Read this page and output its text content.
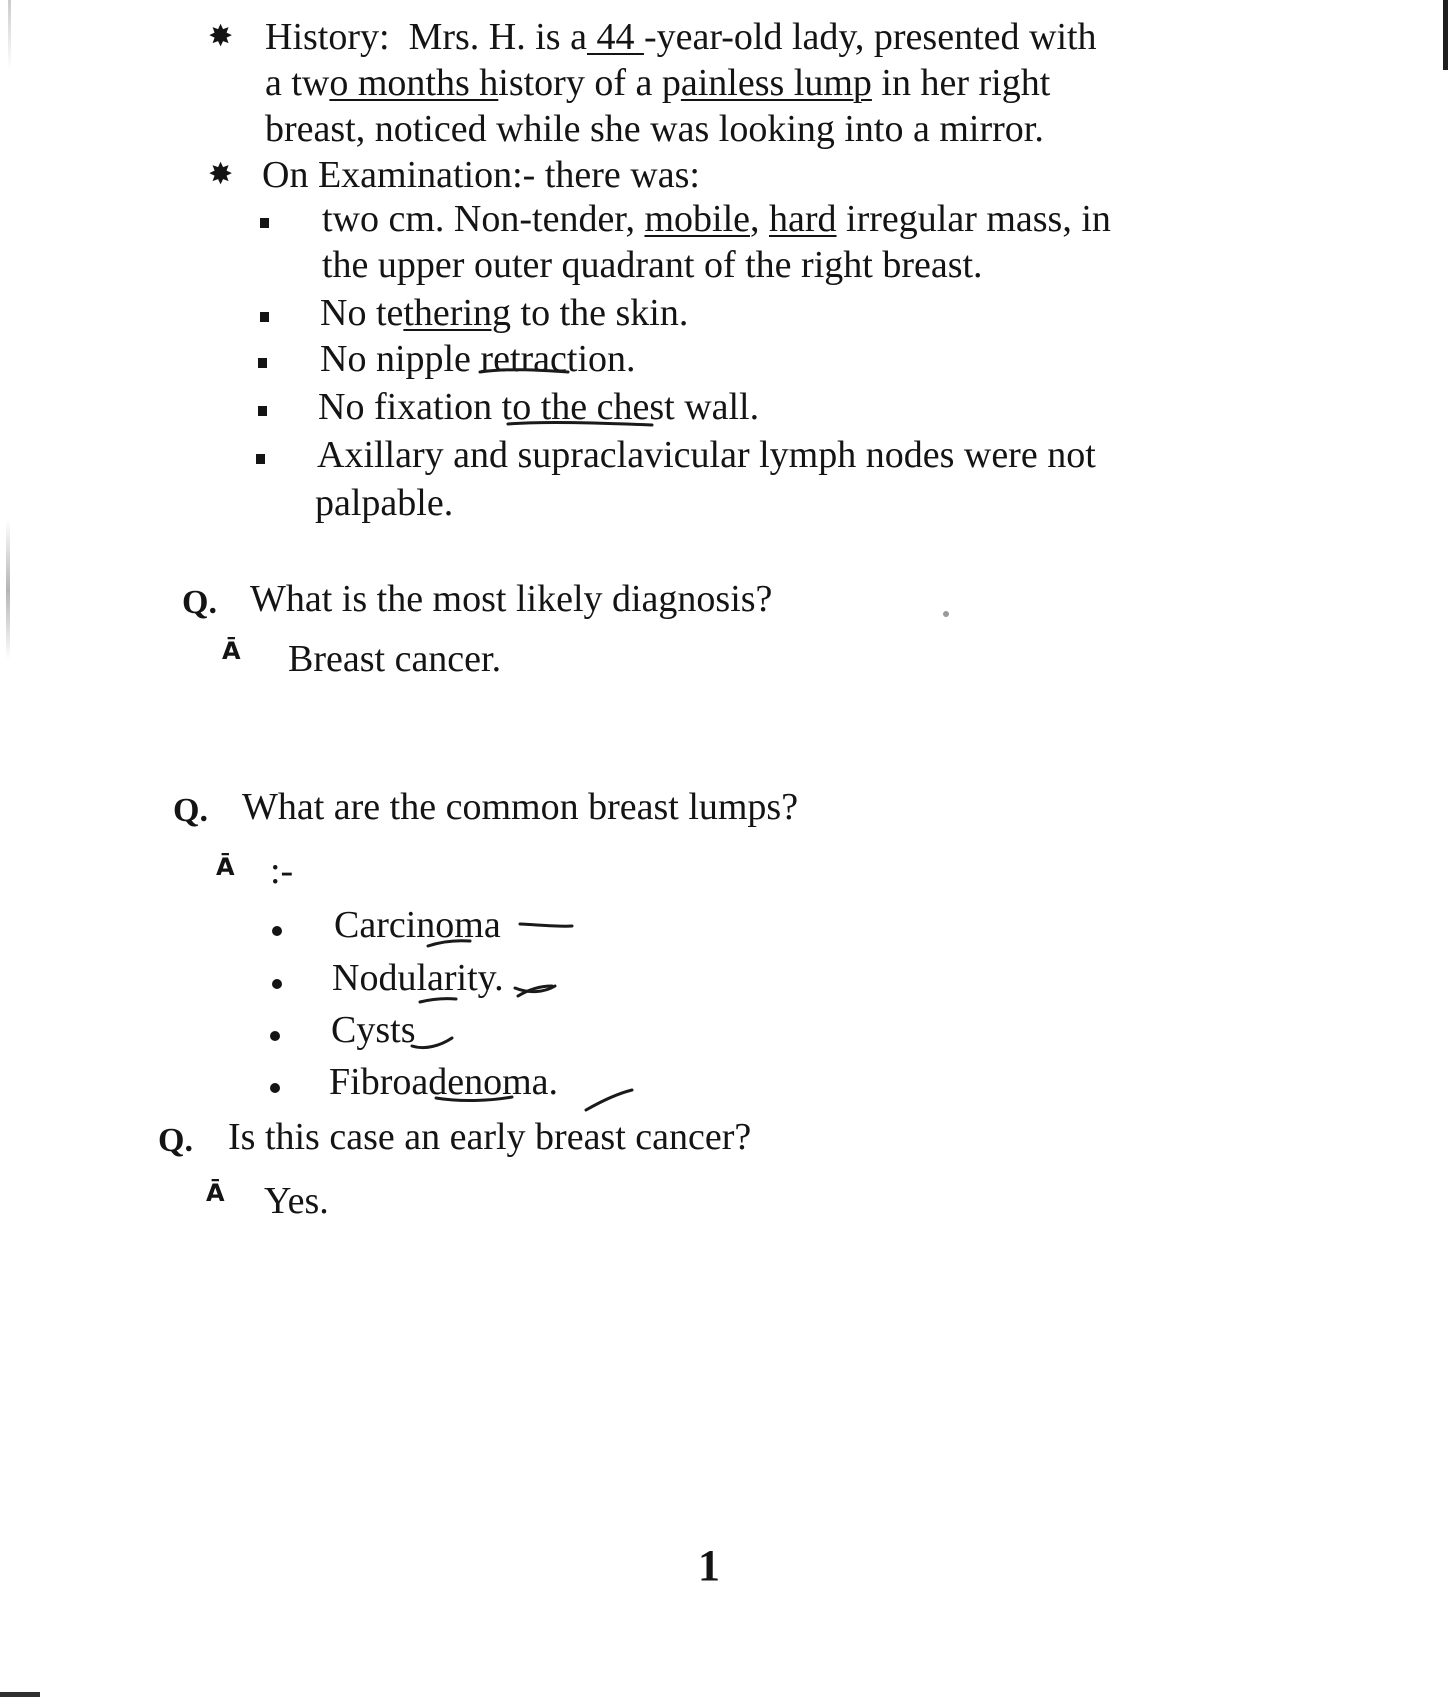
✸ History: Mrs. H. is a 44 -year-old lady, presented with
a two months history of a painless lump in her right
breast, noticed while she was looking into a mirror.
✸ On Examination:- there was:
two cm. Non-tender, mobile, hard irregular mass, in
the upper outer quadrant of the right breast.
No tethering to the skin.
No nipple retraction.
No fixation to the chest wall.
Axillary and supraclavicular lymph nodes were not
palpable.
Q. What is the most likely diagnosis?
Ā Breast cancer.
Q. What are the common breast lumps?
Ā :-
Carcinoma
Nodularity.
Cysts
Fibroadenoma.
Q. Is this case an early breast cancer?
Ā Yes.
1
